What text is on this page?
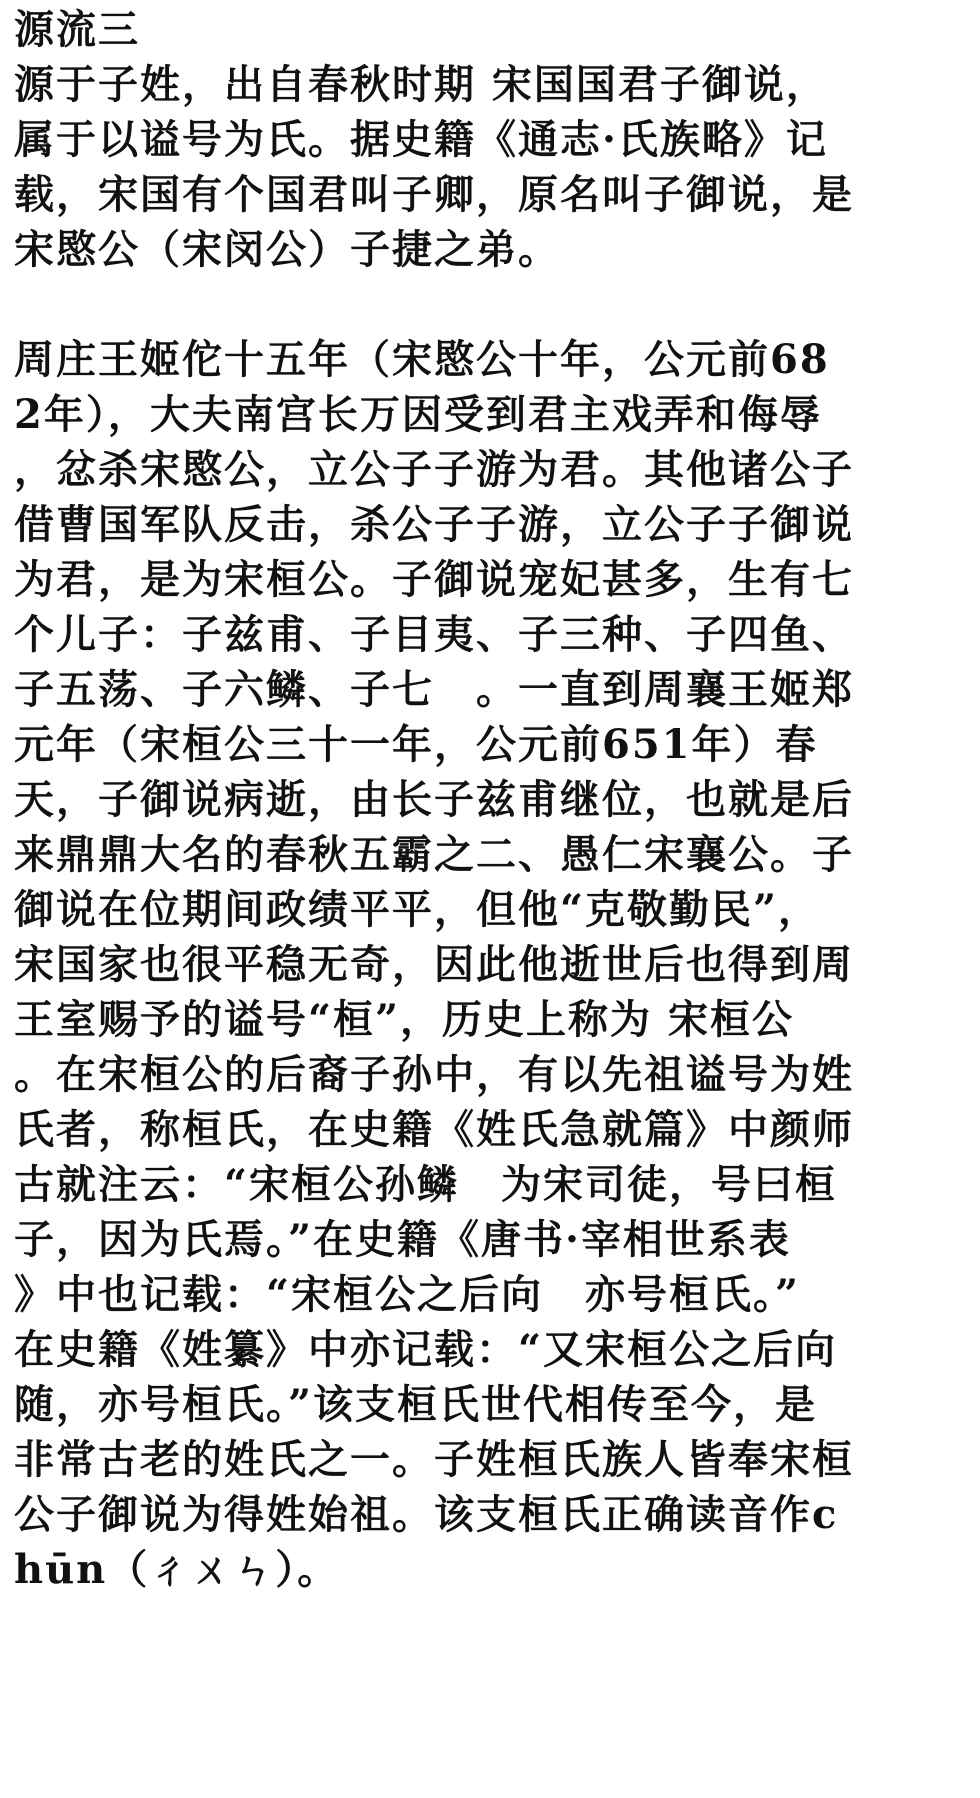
源流三

源于子姓，出自春秋时期 宋国国君子御说，

属于以谥号为氏。据史籍《通志·氏族略》记

载，宋国有个国君叫子卿，原名叫子御说，是

宋愍公（宋闵公）子捷之弟。

周庄王姬佗十五年（宋愍公十年，公元前68

2年），大夫南宫长万因受到君主戏弄和侮辱

，忿杀宋愍公，立公子子游为君。其他诸公子

借曹国军队反击，杀公子子游，立公子子御说

为君，是为宋桓公。子御说宠妃甚多，生有七

个儿子：子兹甫、子目夷、子三种、子四鱼、

子五荡、子六鳞、子七　。一直到周襄王姬郑

元年（宋桓公三十一年，公元前651年）春

天，子御说病逝，由长子兹甫继位，也就是后

来鼎鼎大名的春秋五霸之二、愚仁宋襄公。子

御说在位期间政绩平平，但他“克敬勤民”，

宋国家也很平稳无奇，因此他逝世后也得到周

王室赐予的谥号“桓”，历史上称为 宋桓公

。在宋桓公的后裔子孙中，有以先祖谥号为姓

氏者，称桓氏，在史籍《姓氏急就篇》中颜师

古就注云：“宋桓公孙鳞　为宋司徒，号曰桓

子，因为氏焉。”在史籍《唐书·宰相世系表

》中也记载：“宋桓公之后向　亦号桓氏。”

在史籍《姓纂》中亦记载：“又宋桓公之后向

随，亦号桓氏。”该支桓氏世代相传至今，是

非常古老的姓氏之一。子姓桓氏族人皆奉宋桓

公子御说为得姓始祖。该支桓氏正确读音作c

hūn（ㄔㄨㄣ）。
